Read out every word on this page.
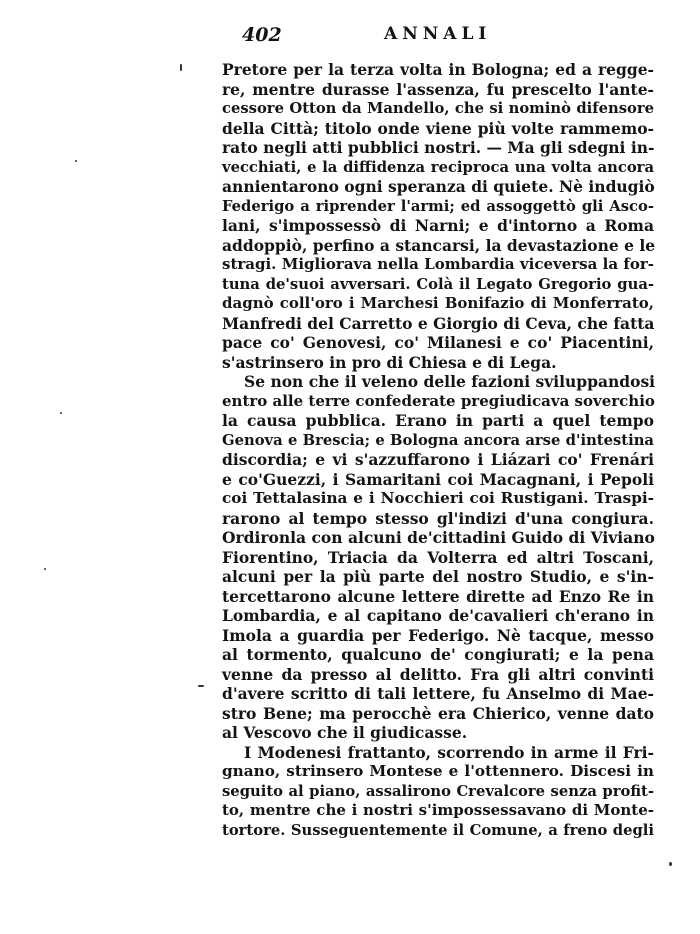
402	ANNALI
Pretore per la terza volta in Bologna; ed a regge-
re, mentre durasse l'assenza, fu prescelto l'ante-
cessore Otton da Mandello, che si nominò difensore
della Città; titolo onde viene più volte rammemo-
rato negli atti pubblici nostri. — Ma gli sdegni in-
vecchiati, e la diffidenza reciproca una volta ancora
annientarono ogni speranza di quiete. Nè indugiò
Federigo a riprender l'armi; ed assoggettò gli Asco-
lani, s'impossessò di Narni; e d'intorno a Roma
addoppiò, perfino a stancarsi, la devastazione e le
stragi. Migliorava nella Lombardia viceversa la for-
tuna de'suoi avversari. Colà il Legato Gregorio gua-
dagnò coll'oro i Marchesi Bonifazio di Monferrato,
Manfredi del Carretto e Giorgio di Ceva, che fatta
pace co' Genovesi, co' Milanesi e co' Piacentini,
s'astrinsero in pro di Chiesa e di Lega.
Se non che il veleno delle fazioni sviluppandosi
entro alle terre confederate pregiudicava soverchio
la causa pubblica. Erano in parti a quel tempo
Genova e Brescia; e Bologna ancora arse d'intestina
discordia; e vi s'azzuffarono i Liázari co' Frenári
e co'Guezzi, i Samaritani coi Macagnani, i Pepoli
coi Tettalasina e i Nocchieri coi Rustigani. Traspi-
rarono al tempo stesso gl'indizi d'una congiura.
Ordironla con alcuni de'cittadini Guido di Viviano
Fiorentino, Triacia da Volterra ed altri Toscani,
alcuni per la più parte del nostro Studio, e s'in-
tercettarono alcune lettere dirette ad Enzo Re in
Lombardia, e al capitano de'cavalieri ch'erano in
Imola a guardia per Federigo. Nè tacque, messo
al tormento, qualcuno de' congiurati; e la pena
venne da presso al delitto. Fra gli altri convinti
d'avere scritto di tali lettere, fu Anselmo di Mae-
stro Bene; ma perocchè era Chierico, venne dato
al Vescovo che il giudicasse.
I Modenesi frattanto, scorrendo in arme il Fri-
gnano, strinsero Montese e l'ottennero. Discesi in
seguito al piano, assalirono Crevalcore senza profit-
to, mentre che i nostri s'impossessavano di Monte-
tortore. Susseguentemente il Comune, a freno degli
